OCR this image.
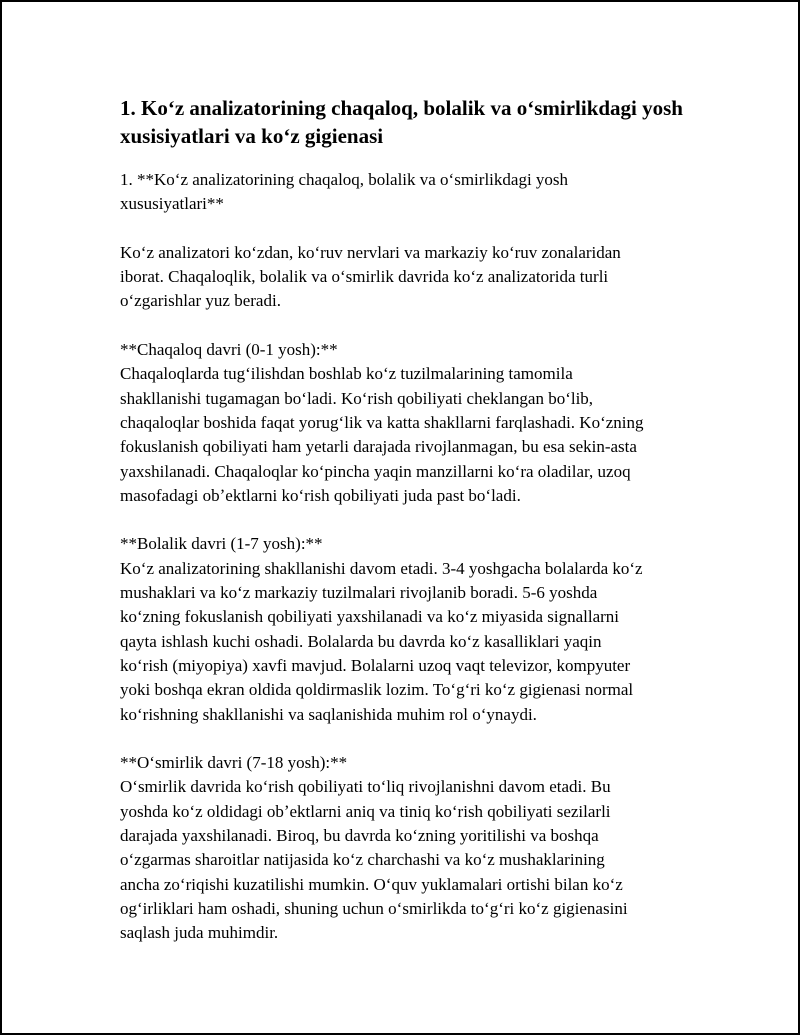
1. Koʻz analizatorining chaqaloq, bolalik va oʻsmirlikdagi yosh xusisiyatlari va koʻz gigienasi

1. **Koʻz analizatorining chaqaloq, bolalik va oʻsmirlikdagi yosh
xususiyatlari**

Koʻz analizatori koʻzdan, koʻruv nervlari va markaziy koʻruv zonalaridan
iborat. Chaqaloqlik, bolalik va oʻsmirlik davrida koʻz analizatorida turli
oʻzgarishlar yuz beradi.

**Chaqaloq davri (0-1 yosh):**
Chaqaloqlarda tugʻilishdan boshlab koʻz tuzilmalarining tamomila
shakllanishi tugamagan boʻladi. Koʻrish qobiliyati cheklangan boʻlib,
chaqaloqlar boshida faqat yorugʻlik va katta shakllarni farqlashadi. Koʻzning
fokuslanish qobiliyati ham yetarli darajada rivojlanmagan, bu esa sekin-asta
yaxshilanadi. Chaqaloqlar koʻpincha yaqin manzillarni koʻra oladilar, uzoq
masofadagi obʼektlarni koʻrish qobiliyati juda past boʻladi.

**Bolalik davri (1-7 yosh):**
Koʻz analizatorining shakllanishi davom etadi. 3-4 yoshgacha bolalarda koʻz
mushaklari va koʻz markaziy tuzilmalari rivojlanib boradi. 5-6 yoshda
koʻzning fokuslanish qobiliyati yaxshilanadi va koʻz miyasida signallarni
qayta ishlash kuchi oshadi. Bolalarda bu davrda koʻz kasalliklari yaqin
koʻrish (miyopiya) xavfi mavjud. Bolalarni uzoq vaqt televizor, kompyuter
yoki boshqa ekran oldida qoldirmaslik lozim. Toʻgʻri koʻz gigienasi normal
koʻrishning shakllanishi va saqlanishida muhim rol oʻynaydi.

**Oʻsmirlik davri (7-18 yosh):**
Oʻsmirlik davrida koʻrish qobiliyati toʻliq rivojlanishni davom etadi. Bu
yoshda koʻz oldidagi obʼektlarni aniq va tiniq koʻrish qobiliyati sezilarli
darajada yaxshilanadi. Biroq, bu davrda koʻzning yoritilishi va boshqa
oʻzgarmas sharoitlar natijasida koʻz charchashi va koʻz mushaklarining
ancha zoʻriqishi kuzatilishi mumkin. Oʻquv yuklamalari ortishi bilan koʻz
ogʻirliklari ham oshadi, shuning uchun oʻsmirlikda toʻgʻri koʻz gigienasini
saqlash juda muhimdir.
